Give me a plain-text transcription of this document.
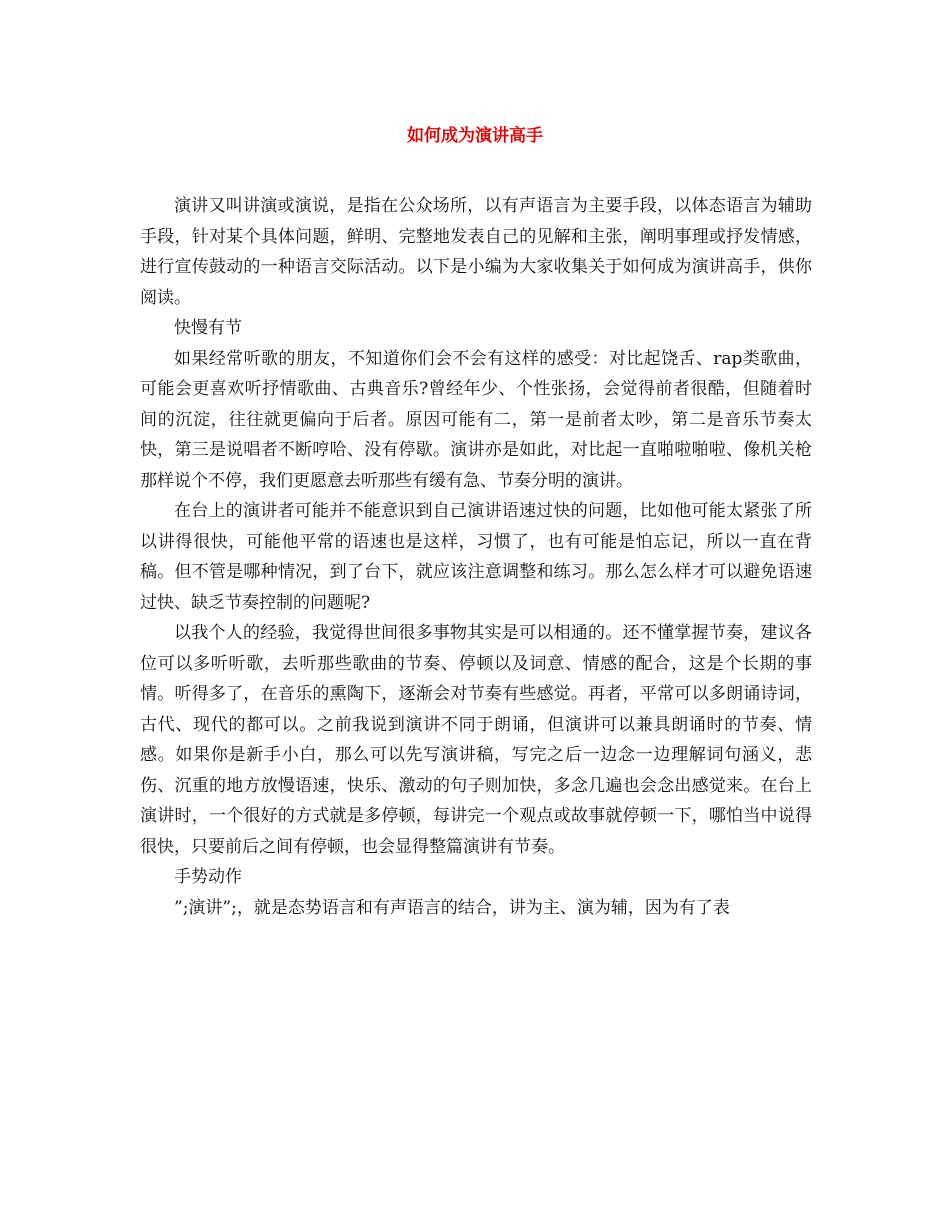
如何成为演讲高手

演讲又叫讲演或演说，是指在公众场所，以有声语言为主要手段，以体态语言为辅助手段，针对某个具体问题，鲜明、完整地发表自己的见解和主张，阐明事理或抒发情感，进行宣传鼓动的一种语言交际活动。以下是小编为大家收集关于如何成为演讲高手，供你阅读。

快慢有节

如果经常听歌的朋友，不知道你们会不会有这样的感受：对比起饶舌、rap类歌曲，可能会更喜欢听抒情歌曲、古典音乐?曾经年少、个性张扬，会觉得前者很酷，但随着时间的沉淀，往往就更偏向于后者。原因可能有二，第一是前者太吵，第二是音乐节奏太快，第三是说唱者不断哼哈、没有停歇。演讲亦是如此，对比起一直啪啦啪啦、像机关枪那样说个不停，我们更愿意去听那些有缓有急、节奏分明的演讲。

在台上的演讲者可能并不能意识到自己演讲语速过快的问题，比如他可能太紧张了所以讲得很快，可能他平常的语速也是这样，习惯了，也有可能是怕忘记，所以一直在背稿。但不管是哪种情况，到了台下，就应该注意调整和练习。那么怎么样才可以避免语速过快、缺乏节奏控制的问题呢?

以我个人的经验，我觉得世间很多事物其实是可以相通的。还不懂掌握节奏，建议各位可以多听听歌，去听那些歌曲的节奏、停顿以及词意、情感的配合，这是个长期的事情。听得多了，在音乐的熏陶下，逐渐会对节奏有些感觉。再者，平常可以多朗诵诗词，古代、现代的都可以。之前我说到演讲不同于朗诵，但演讲可以兼具朗诵时的节奏、情感。如果你是新手小白，那么可以先写演讲稿，写完之后一边念一边理解词句涵义，悲伤、沉重的地方放慢语速，快乐、激动的句子则加快，多念几遍也会念出感觉来。在台上演讲时，一个很好的方式就是多停顿，每讲完一个观点或故事就停顿一下，哪怕当中说得很快，只要前后之间有停顿，也会显得整篇演讲有节奏。

手势动作

”;演讲”;，就是态势语言和有声语言的结合，讲为主、演为辅，因为有了表
